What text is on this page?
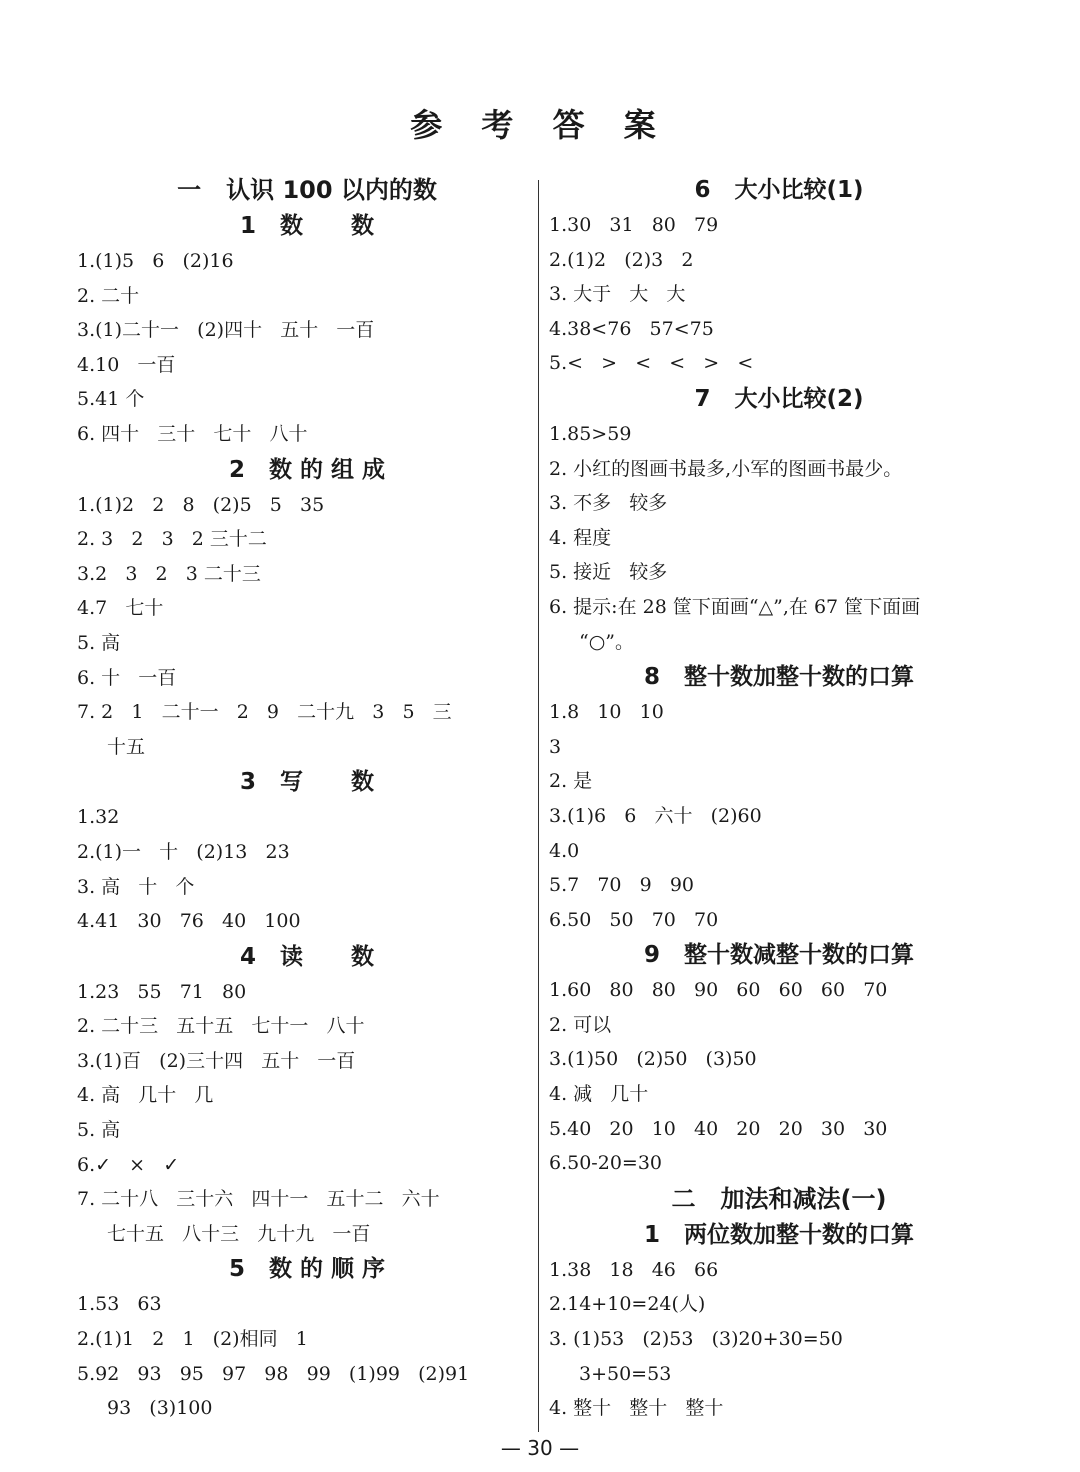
参 考 答 案
一   认识 100 以内的数
1   数      数
1.(1)5   6   (2)16
2. 二十
3.(1)二十一   (2)四十   五十   一百
4.10   一百
5.41 个
6. 四十   三十   七十   八十
2   数 的 组 成
1.(1)2   2   8   (2)5   5   35
2. 3   2   3   2 三十二
3.2   3   2   3 二十三
4.7   七十
5. 高
6. 十   一百
7. 2   1   二十一   2   9   二十九   3   5   三
十五
3   写      数
1.32
2.(1)一   十   (2)13   23
3. 高   十   个
4.41   30   76   40   100
4   读      数
1.23   55   71   80
2. 二十三   五十五   七十一   八十
3.(1)百   (2)三十四   五十   一百
4. 高   几十   几
5. 高
6.✓   ×   ✓
7. 二十八   三十六   四十一   五十二   六十
七十五   八十三   九十九   一百
5   数 的 顺 序
1.53   63
2.(1)1   2   1   (2)相同   1
5.92   93   95   97   98   99   (1)99   (2)91
93   (3)100
6   大小比较(1)
1.30   31   80   79
2.(1)2   (2)3   2
3. 大于   大   大
4.38<76   57<75
5.<   >   <   <   >   <
7   大小比较(2)
1.85>59
2. 小红的图画书最多,小军的图画书最少。
3. 不多   较多
4. 程度
5. 接近   较多
6. 提示:在 28 筐下面画“△”,在 67 筐下面画
“○”。
8   整十数加整十数的口算
1.8   10   10
3
2. 是
3.(1)6   6   六十   (2)60
4.0
5.7   70   9   90
6.50   50   70   70
9   整十数减整十数的口算
1.60   80   80   90   60   60   60   70
2. 可以
3.(1)50   (2)50   (3)50
4. 减   几十
5.40   20   10   40   20   20   30   30
6.50-20=30
二   加法和减法(一)
1   两位数加整十数的口算
1.38   18   46   66
2.14+10=24(人)
3. (1)53   (2)53   (3)20+30=50
3+50=53
4. 整十   整十   整十
— 30 —
